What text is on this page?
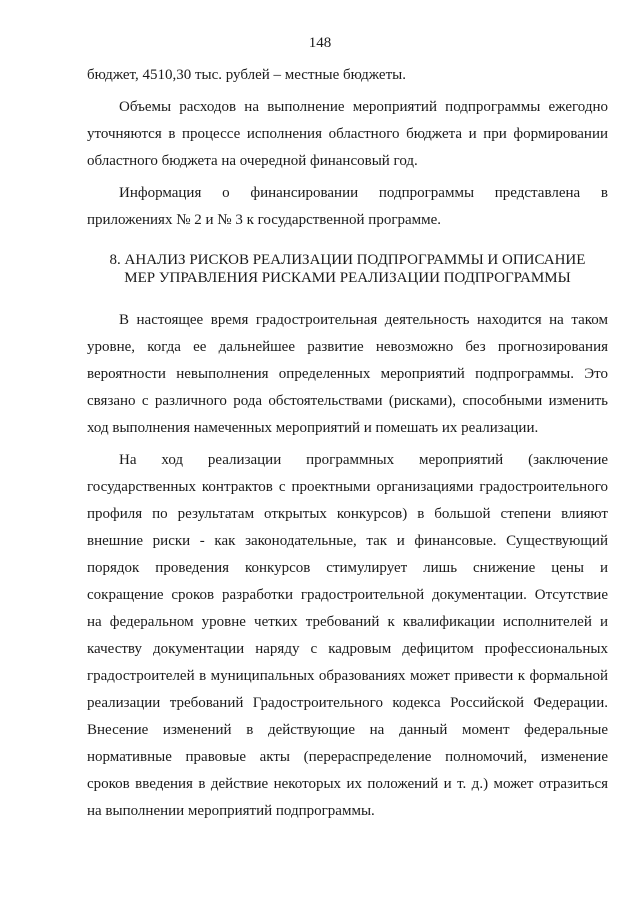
148
бюджет, 4510,30 тыс. рублей – местные бюджеты.
Объемы расходов на выполнение мероприятий подпрограммы ежегодно
уточняются в процессе исполнения областного бюджета и при формировании
областного бюджета на очередной финансовый год.
Информация о финансировании подпрограммы представлена в
приложениях № 2 и № 3 к государственной программе.
8. АНАЛИЗ РИСКОВ РЕАЛИЗАЦИИ ПОДПРОГРАММЫ И ОПИСАНИЕ
МЕР УПРАВЛЕНИЯ РИСКАМИ РЕАЛИЗАЦИИ ПОДПРОГРАММЫ
В настоящее время градостроительная деятельность находится на таком
уровне, когда ее дальнейшее развитие невозможно без прогнозирования
вероятности невыполнения определенных мероприятий подпрограммы. Это
связано с различного рода обстоятельствами (рисками), способными изменить
ход выполнения намеченных мероприятий и помешать их реализации.
На ход реализации программных мероприятий (заключение
государственных контрактов с проектными организациями градостроительного
профиля по результатам открытых конкурсов) в большой степени влияют
внешние риски - как законодательные, так и финансовые. Существующий
порядок проведения конкурсов стимулирует лишь снижение цены и
сокращение сроков разработки градостроительной документации. Отсутствие
на федеральном уровне четких требований к квалификации исполнителей и
качеству документации наряду с кадровым дефицитом профессиональных
градостроителей в муниципальных образованиях может привести к формальной
реализации требований Градостроительного кодекса Российской Федерации.
Внесение изменений в действующие на данный момент федеральные
нормативные правовые акты (перераспределение полномочий, изменение
сроков введения в действие некоторых их положений и т. д.) может отразиться
на выполнении мероприятий подпрограммы.
